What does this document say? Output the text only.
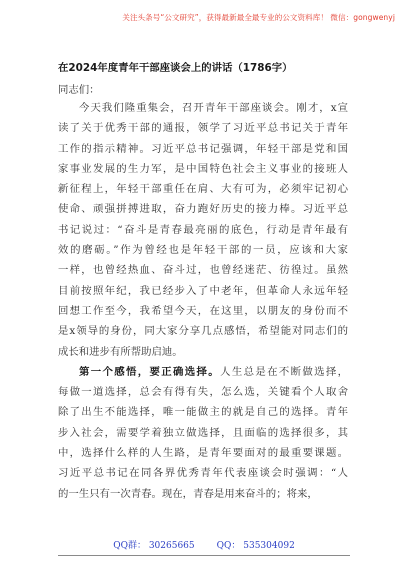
关注头条号“公文研究”，获得最新最全最专业的公文资料库！ 微信：gongwenyj
在2024年度青年干部座谈会上的讲话（1786字）
同志们：
今天我们隆重集会，召开青年干部座谈会。刚才，x宣
读了关于优秀干部的通报，领学了习近平总书记关于青年
工作的指示精神。习近平总书记强调，年轻干部是党和国
家事业发展的生力军，是中国特色社会主义事业的接班人
新征程上，年轻干部重任在肩、大有可为，必须牢记初心
使命、顽强拼搏进取，奋力跑好历史的接力棒。习近平总
书记说过：“奋斗是青春最亮丽的底色，行动是青年最有
效的磨砺。”作为曾经也是年轻干部的一员，应该和大家
一样，也曾经热血、奋斗过，也曾经迷茫、彷徨过。虽然
目前按照年纪，我已经步入了中老年，但革命人永远年轻
回想工作至今，我希望今天，在这里，以朋友的身份而不
是x领导的身份，同大家分享几点感悟，希望能对同志们的
成长和进步有所帮助启迪。
第一个感悟，要正确选择。人生总是在不断做选择，
每做一道选择，总会有得有失，怎么选，关键看个人取舍
除了出生不能选择，唯一能做主的就是自己的选择。青年
步入社会，需要学着独立做选择，且面临的选择很多，其
中，选择什么样的人生路，是青年要面对的最重要课题。
习近平总书记在同各界优秀青年代表座谈会时强调：“人
的一生只有一次青春。现在，青春是用来奋斗的；将来，
QQ群： 30265665 QQ： 535304092
